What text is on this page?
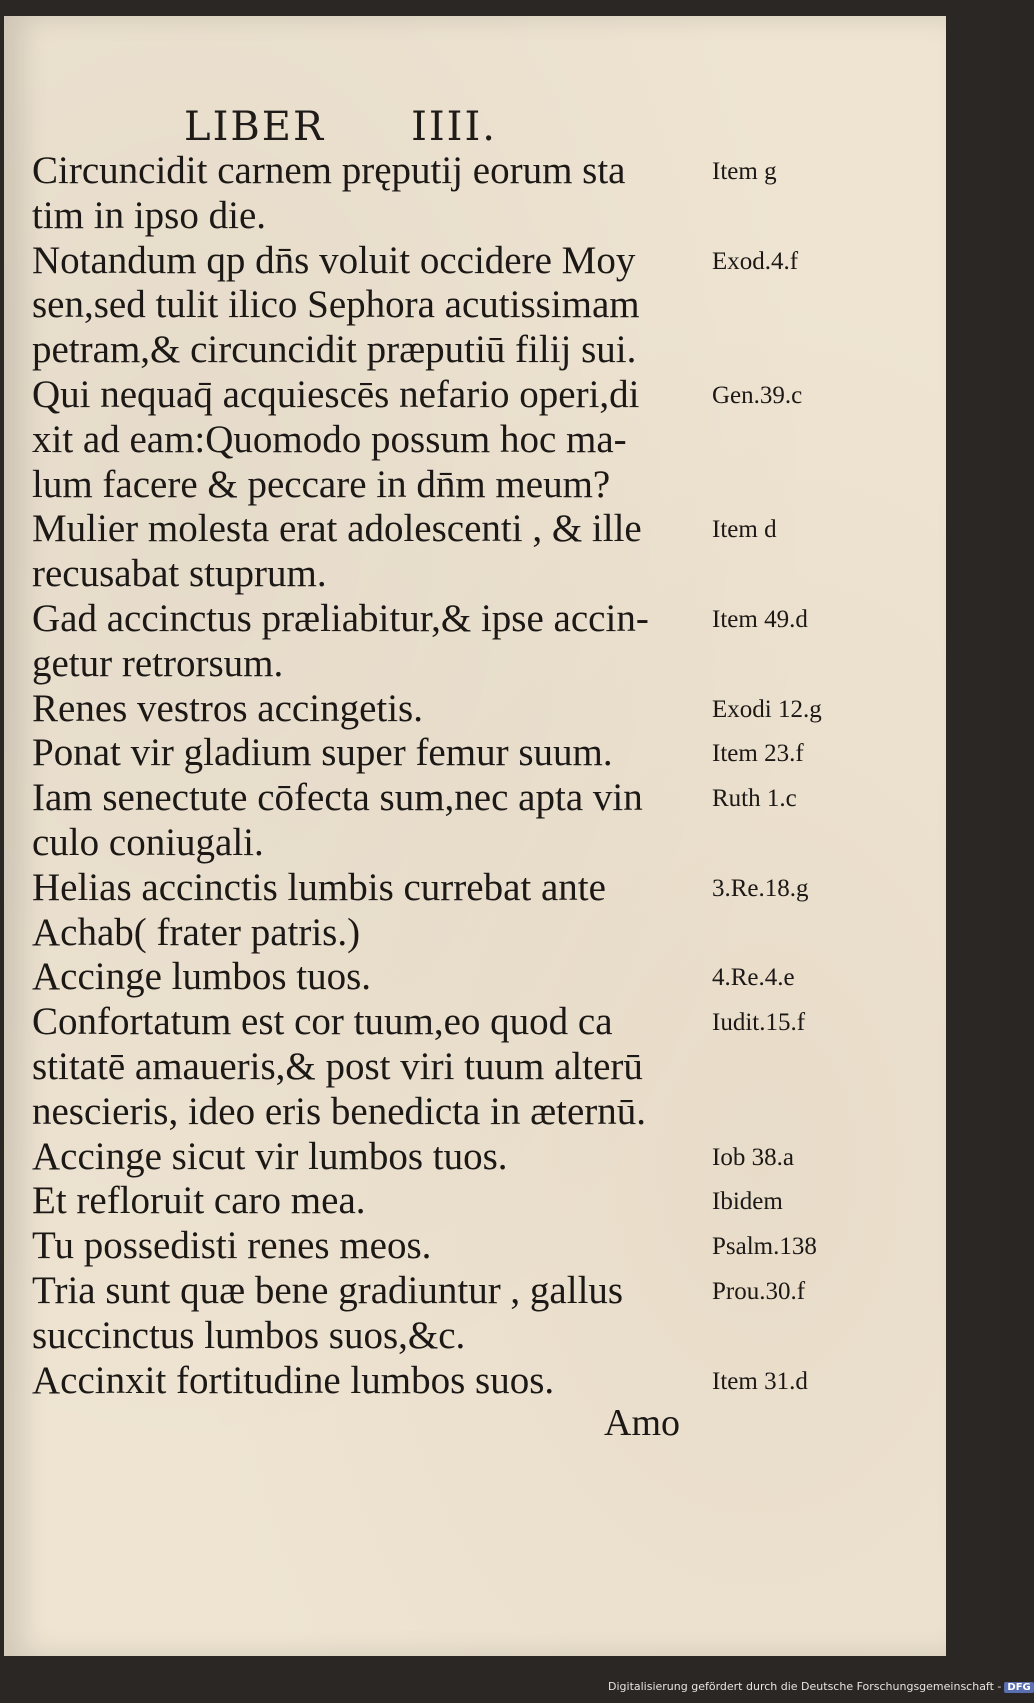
LIBER IIII.
Circuncidit carnem pręputij eorum sta	Item g
tim in ipso die.
Notandum qp dn̄s voluit occidere Moy	Exod.4.f
sen,sed tulit ilico Sephora acutissimam
petram,& circuncidit præputiū filij sui.
Qui nequaq̄ acquiescēs nefario operi,di	Gen.39.c
xit ad eam:Quomodo possum hoc ma-
lum facere & peccare in dn̄m meum?
Mulier molesta erat adolescenti , & ille	Item d
recusabat stuprum.
Gad accinctus præliabitur,& ipse accin-	Item 49.d
getur retrorsum.
Renes vestros accingetis.	Exodi 12.g
Ponat vir gladium super femur suum.	Item 23.f
Iam senectute cōfecta sum,nec apta vin	Ruth 1.c
culo coniugali.
Helias accinctis lumbis currebat ante	3.Re.18.g
Achab( frater patris.)
Accinge lumbos tuos.	4.Re.4.e
Confortatum est cor tuum,eo quod ca	Iudit.15.f
stitatē amaueris,& post viri tuum alterū
nescieris, ideo eris benedicta in æternū.
Accinge sicut vir lumbos tuos.	Iob 38.a
Et refloruit caro mea.	Ibidem
Tu possedisti renes meos.	Psalm.138
Tria sunt quæ bene gradiuntur , gallus	Prou.30.f
succinctus lumbos suos,&c.
Accinxit fortitudine lumbos suos.	Item 31.d
Amo
Digitalisierung gefördert durch die Deutsche Forschungsgemeinschaft - DFG
